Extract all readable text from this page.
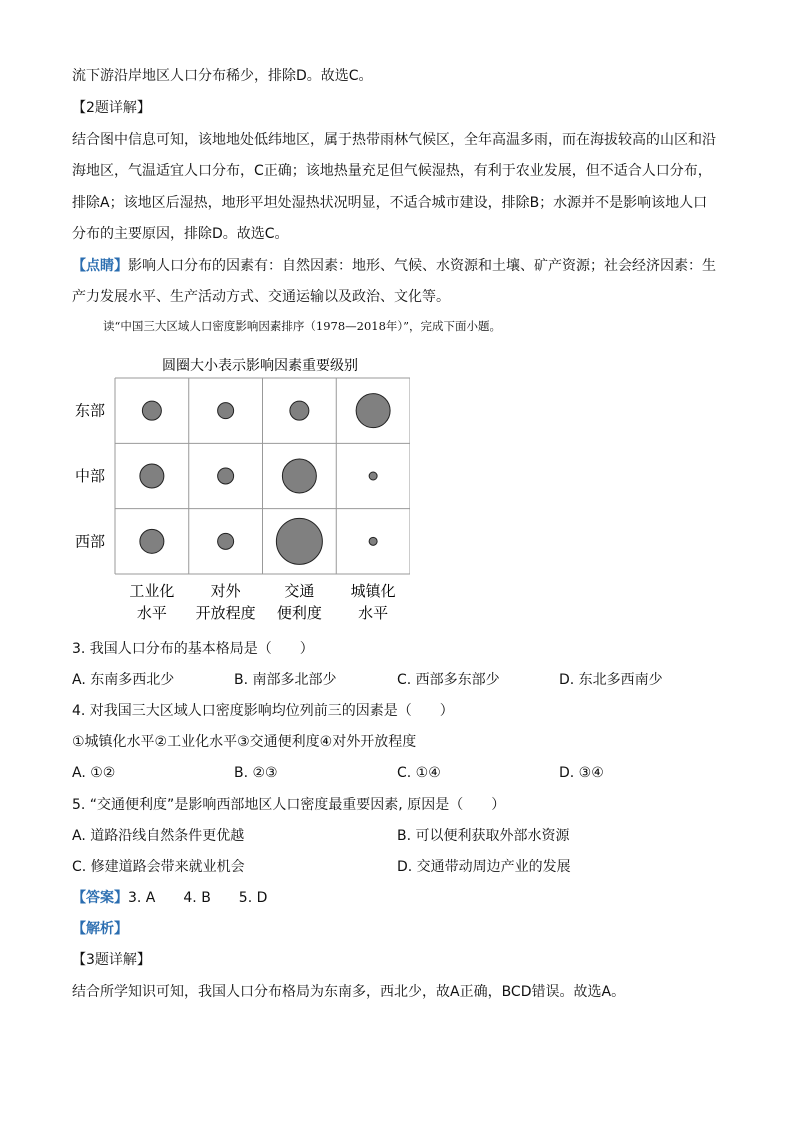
流下游沿岸地区人口分布稀少，排除D。故选C。
【2题详解】
结合图中信息可知，该地地处低纬地区，属于热带雨林气候区，全年高温多雨，而在海拔较高的山区和沿
海地区，气温适宜人口分布，C正确；该地热量充足但气候湿热，有利于农业发展，但不适合人口分布，
排除A；该地区后湿热，地形平坦处湿热状况明显，不适合城市建设，排除B；水源并不是影响该地人口
分布的主要原因，排除D。故选C。
【点睛】影响人口分布的因素有：自然因素：地形、气候、水资源和土壤、矿产资源；社会经济因素：生
产力发展水平、生产活动方式、交通运输以及政治、文化等。
读“中国三大区域人口密度影响因素排序（1978—2018年）”，完成下面小题。
圆圈大小表示影响因素重要级别
东部
中部
西部
工业化
水平
对外
开放程度
交通
便利度
城镇化
水平
3. 我国人口分布的基本格局是（　　）
A. 东南多西北少	B. 南部多北部少	C. 西部多东部少	D. 东北多西南少
4. 对我国三大区域人口密度影响均位列前三的因素是（　　）
①城镇化水平②工业化水平③交通便利度④对外开放程度
A. ①②	B. ②③	C. ①④	D. ③④
5. “交通便利度”是影响西部地区人口密度最重要因素, 原因是（　　）
A. 道路沿线自然条件更优越	B. 可以便利获取外部水资源
C. 修建道路会带来就业机会	D. 交通带动周边产业的发展
【答案】3. A　　4. B　　5. D
【解析】
【3题详解】
结合所学知识可知，我国人口分布格局为东南多，西北少，故A正确，BCD错误。故选A。
